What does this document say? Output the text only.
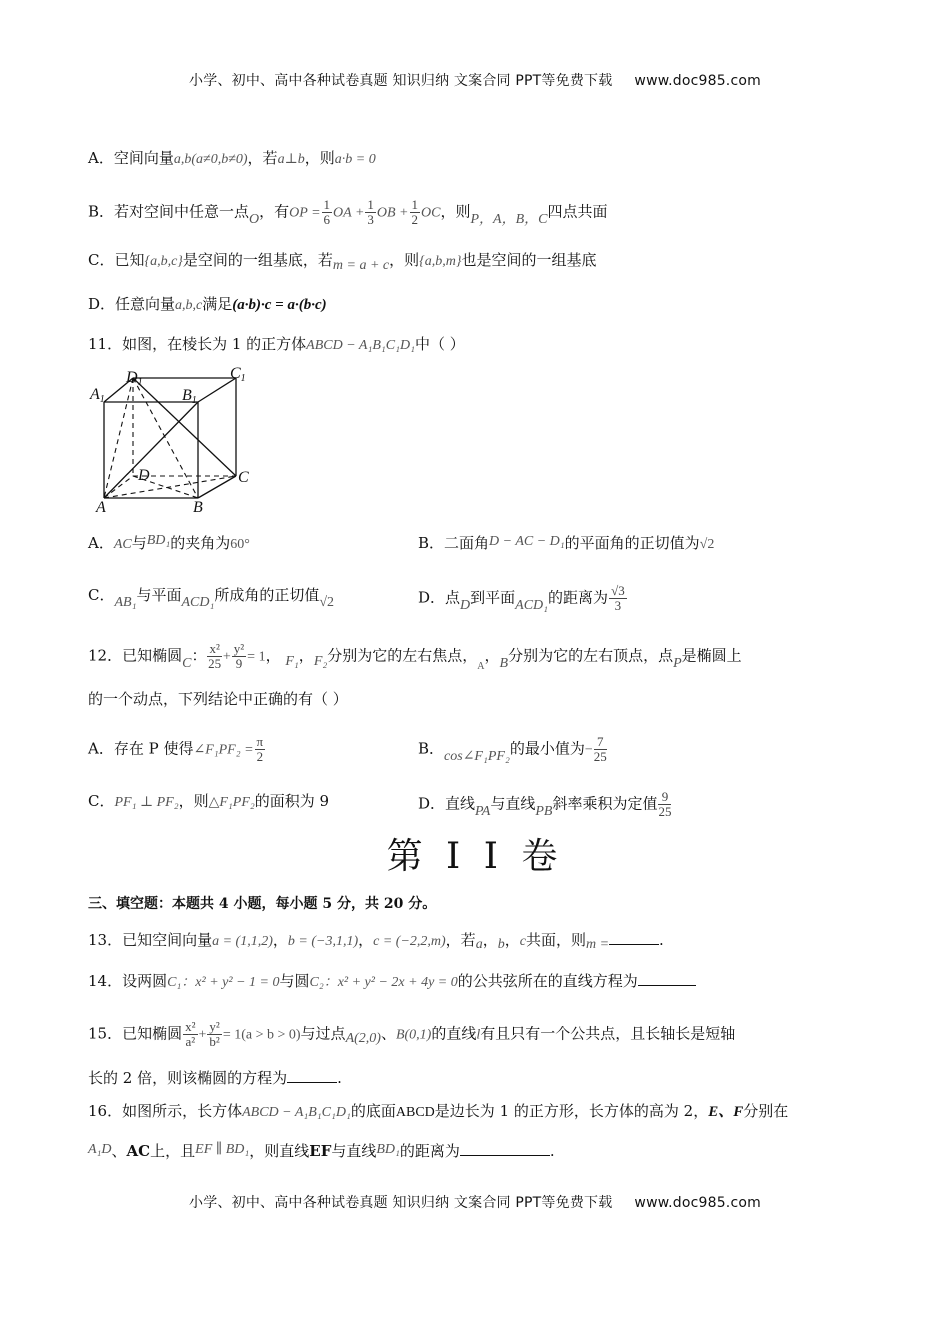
小学、初中、高中各种试卷真题 知识归纳 文案合同 PPT等免费下载 www.doc985.com
A．空间向量a,b(a≠0,b≠0)，若a⊥b，则a·b = 0
B．若对空间中任意一点O，有OP = $\frac{1}{6}$ OA + $\frac{1}{3}$ OB + $\frac{1}{2}$ OC，则P，A，B，C四点共面
C．已知{a,b,c}是空间的一组基底，若m = a + c，则{a,b,m}也是空间的一组基底
D．任意向量a,b,c满足(a·b)·c = a·(b·c)
11．如图，在棱长为 1 的正方体ABCD − A₁B₁C₁D₁中（ ）
A1
D1
C1
B1
D	C
A	B
A．AC与BD₁的夹角为60°	B．二面角D − AC − D₁的平面角的正切值为√2
C．AB₁与平面ACD₁所成角的正切值√2	D．点D到平面ACD₁的距离为 $\frac{√3}{3}$
12．已知椭圆C： $\frac{\text{x²}}{25} + \frac{\text{y²}}{9} = 1$， F₁，F₂分别为它的左右焦点，$_A$，B分别为它的左右顶点，点P是椭圆上
的一个动点，下列结论中正确的有（ ）
A．存在 P 使得∠F₁PF₂ = $\frac{\pi}{2}$	B．cos∠F₁PF₂的最小值为− $\frac{7}{25}$
C．PF₁ ⊥ PF₂，则△F₁PF₂的面积为 9	D．直线PA与直线PB斜率乘积为定值 $\frac{9}{25}$
第 I I 卷
三、填空题：本题共 4 小题，每小题 5 分，共 20 分。
13．已知空间向量a = (1,1,2)，b = (−3,1,1)，c = (−2,2,m)，若a，b，c共面，则m =	.
14．设两圆C₁：x² + y² − 1 = 0与圆C₂：x² + y² − 2x + 4y = 0的公共弦所在的直线方程为
15．已知椭圆 $\frac{\text{x²}}{\text{a²}} + \frac{\text{y²}}{\text{b²}} = 1(a > b > 0)$与过点A(2,0)、B(0,1)的直线l有且只有一个公共点，且长轴长是短轴
长的 2 倍，则该椭圆的方程为	.
16．如图所示，长方体ABCD − A₁B₁C₁D₁的底面ABCD是边长为 1 的正方形，长方体的高为 2，E、F分别在
A₁D、AC上，且EF ∥ BD₁，则直线EF与直线BD₁的距离为	.
小学、初中、高中各种试卷真题 知识归纳 文案合同 PPT等免费下载 www.doc985.com
